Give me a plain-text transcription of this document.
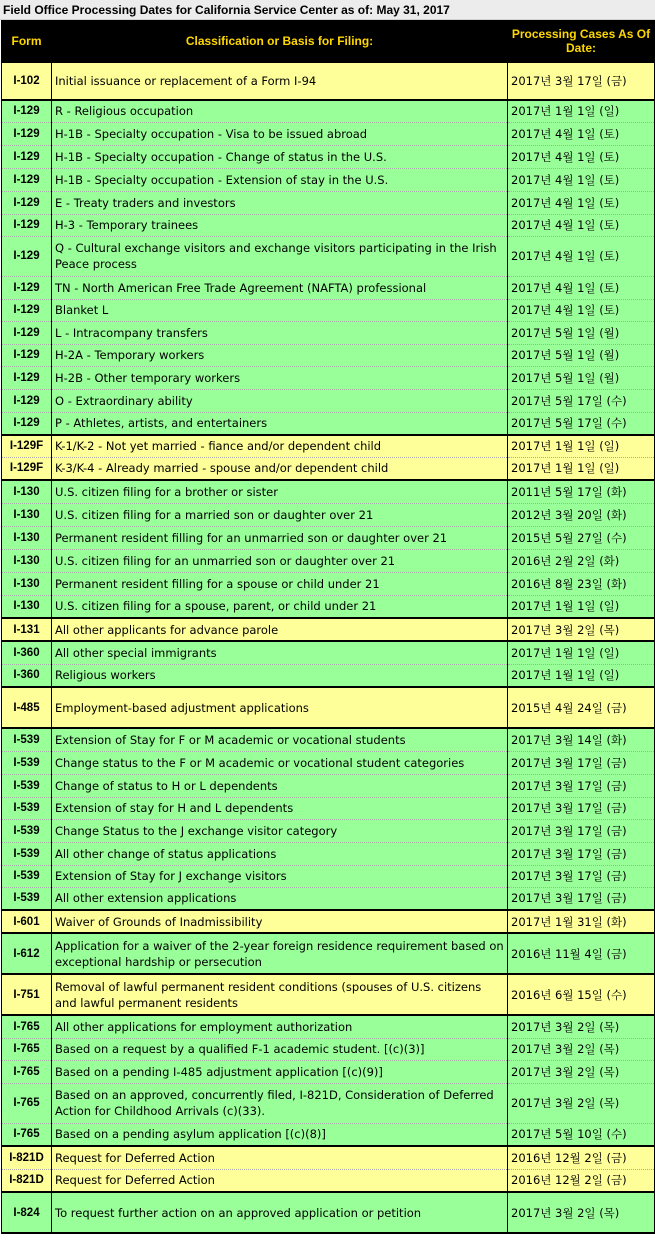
Field Office Processing Dates for California Service Center as of: May 31, 2017
Form	Classification or Basis for Filing:	Processing Cases As Of Date:
I-102	Initial issuance or replacement of a Form I-94	2017년 3월 17일 (금)
I-129	R - Religious occupation	2017년 1월 1일 (일)
I-129	H-1B - Specialty occupation - Visa to be issued abroad	2017년 4월 1일 (토)
I-129	H-1B - Specialty occupation - Change of status in the U.S.	2017년 4월 1일 (토)
I-129	H-1B - Specialty occupation - Extension of stay in the U.S.	2017년 4월 1일 (토)
I-129	E - Treaty traders and investors	2017년 4월 1일 (토)
I-129	H-3 - Temporary trainees	2017년 4월 1일 (토)
I-129	Q - Cultural exchange visitors and exchange visitors participating in the Irish Peace process	2017년 4월 1일 (토)
I-129	TN - North American Free Trade Agreement (NAFTA) professional	2017년 4월 1일 (토)
I-129	Blanket L	2017년 4월 1일 (토)
I-129	L - Intracompany transfers	2017년 5월 1일 (월)
I-129	H-2A - Temporary workers	2017년 5월 1일 (월)
I-129	H-2B - Other temporary workers	2017년 5월 1일 (월)
I-129	O - Extraordinary ability	2017년 5월 17일 (수)
I-129	P - Athletes, artists, and entertainers	2017년 5월 17일 (수)
I-129F	K-1/K-2 - Not yet married - fiance and/or dependent child	2017년 1월 1일 (일)
I-129F	K-3/K-4 - Already married - spouse and/or dependent child	2017년 1월 1일 (일)
I-130	U.S. citizen filing for a brother or sister	2011년 5월 17일 (화)
I-130	U.S. citizen filing for a married son or daughter over 21	2012년 3월 20일 (화)
I-130	Permanent resident filling for an unmarried son or daughter over 21	2015년 5월 27일 (수)
I-130	U.S. citizen filing for an unmarried son or daughter over 21	2016년 2월 2일 (화)
I-130	Permanent resident filling for a spouse or child under 21	2016년 8월 23일 (화)
I-130	U.S. citizen filing for a spouse, parent, or child under 21	2017년 1월 1일 (일)
I-131	All other applicants for advance parole	2017년 3월 2일 (목)
I-360	All other special immigrants	2017년 1월 1일 (일)
I-360	Religious workers	2017년 1월 1일 (일)
I-485	Employment-based adjustment applications	2015년 4월 24일 (금)
I-539	Extension of Stay for F or M academic or vocational students	2017년 3월 14일 (화)
I-539	Change status to the F or M academic or vocational student categories	2017년 3월 17일 (금)
I-539	Change of status to H or L dependents	2017년 3월 17일 (금)
I-539	Extension of stay for H and L dependents	2017년 3월 17일 (금)
I-539	Change Status to the J exchange visitor category	2017년 3월 17일 (금)
I-539	All other change of status applications	2017년 3월 17일 (금)
I-539	Extension of Stay for J exchange visitors	2017년 3월 17일 (금)
I-539	All other extension applications	2017년 3월 17일 (금)
I-601	Waiver of Grounds of Inadmissibility	2017년 1월 31일 (화)
I-612	Application for a waiver of the 2-year foreign residence requirement based on exceptional hardship or persecution	2016년 11월 4일 (금)
I-751	Removal of lawful permanent resident conditions (spouses of U.S. citizens and lawful permanent residents	2016년 6월 15일 (수)
I-765	All other applications for employment authorization	2017년 3월 2일 (목)
I-765	Based on a request by a qualified F-1 academic student. [(c)(3)]	2017년 3월 2일 (목)
I-765	Based on a pending I-485 adjustment application [(c)(9)]	2017년 3월 2일 (목)
I-765	Based on an approved, concurrently filed, I-821D, Consideration of Deferred Action for Childhood Arrivals (c)(33).	2017년 3월 2일 (목)
I-765	Based on a pending asylum application [(c)(8)]	2017년 5월 10일 (수)
I-821D	Request for Deferred Action	2016년 12월 2일 (금)
I-821D	Request for Deferred Action	2016년 12월 2일 (금)
I-824	To request further action on an approved application or petition	2017년 3월 2일 (목)
